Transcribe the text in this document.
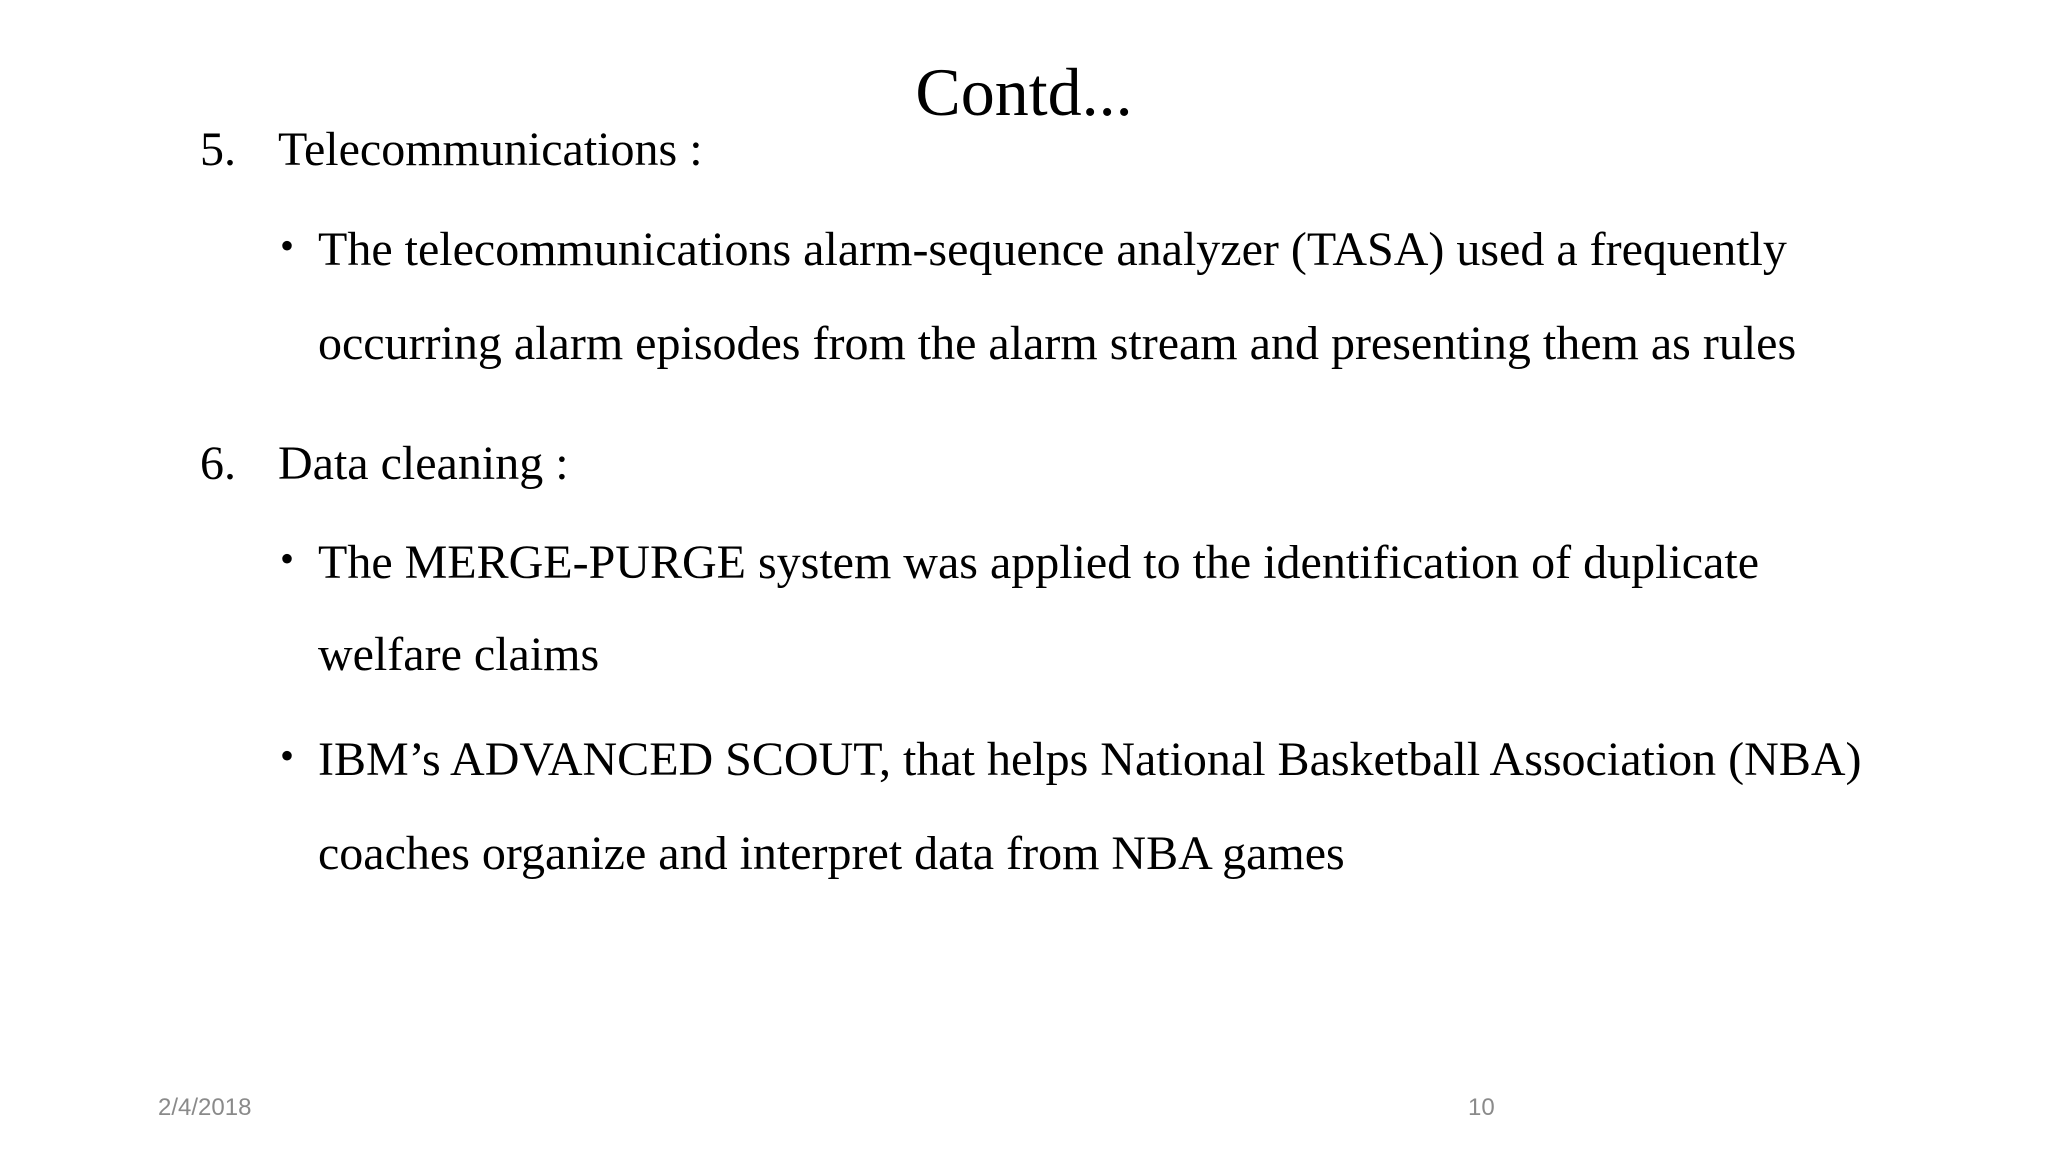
Contd...
5. Telecommunications :
• The telecommunications alarm-sequence analyzer (TASA) used a frequently
occurring alarm episodes from the alarm stream and presenting them as rules
6. Data cleaning :
• The MERGE-PURGE system was applied to the identification of duplicate
welfare claims
• IBM’s ADVANCED SCOUT, that helps National Basketball Association (NBA)
coaches organize and interpret data from NBA games
2/4/2018	10
